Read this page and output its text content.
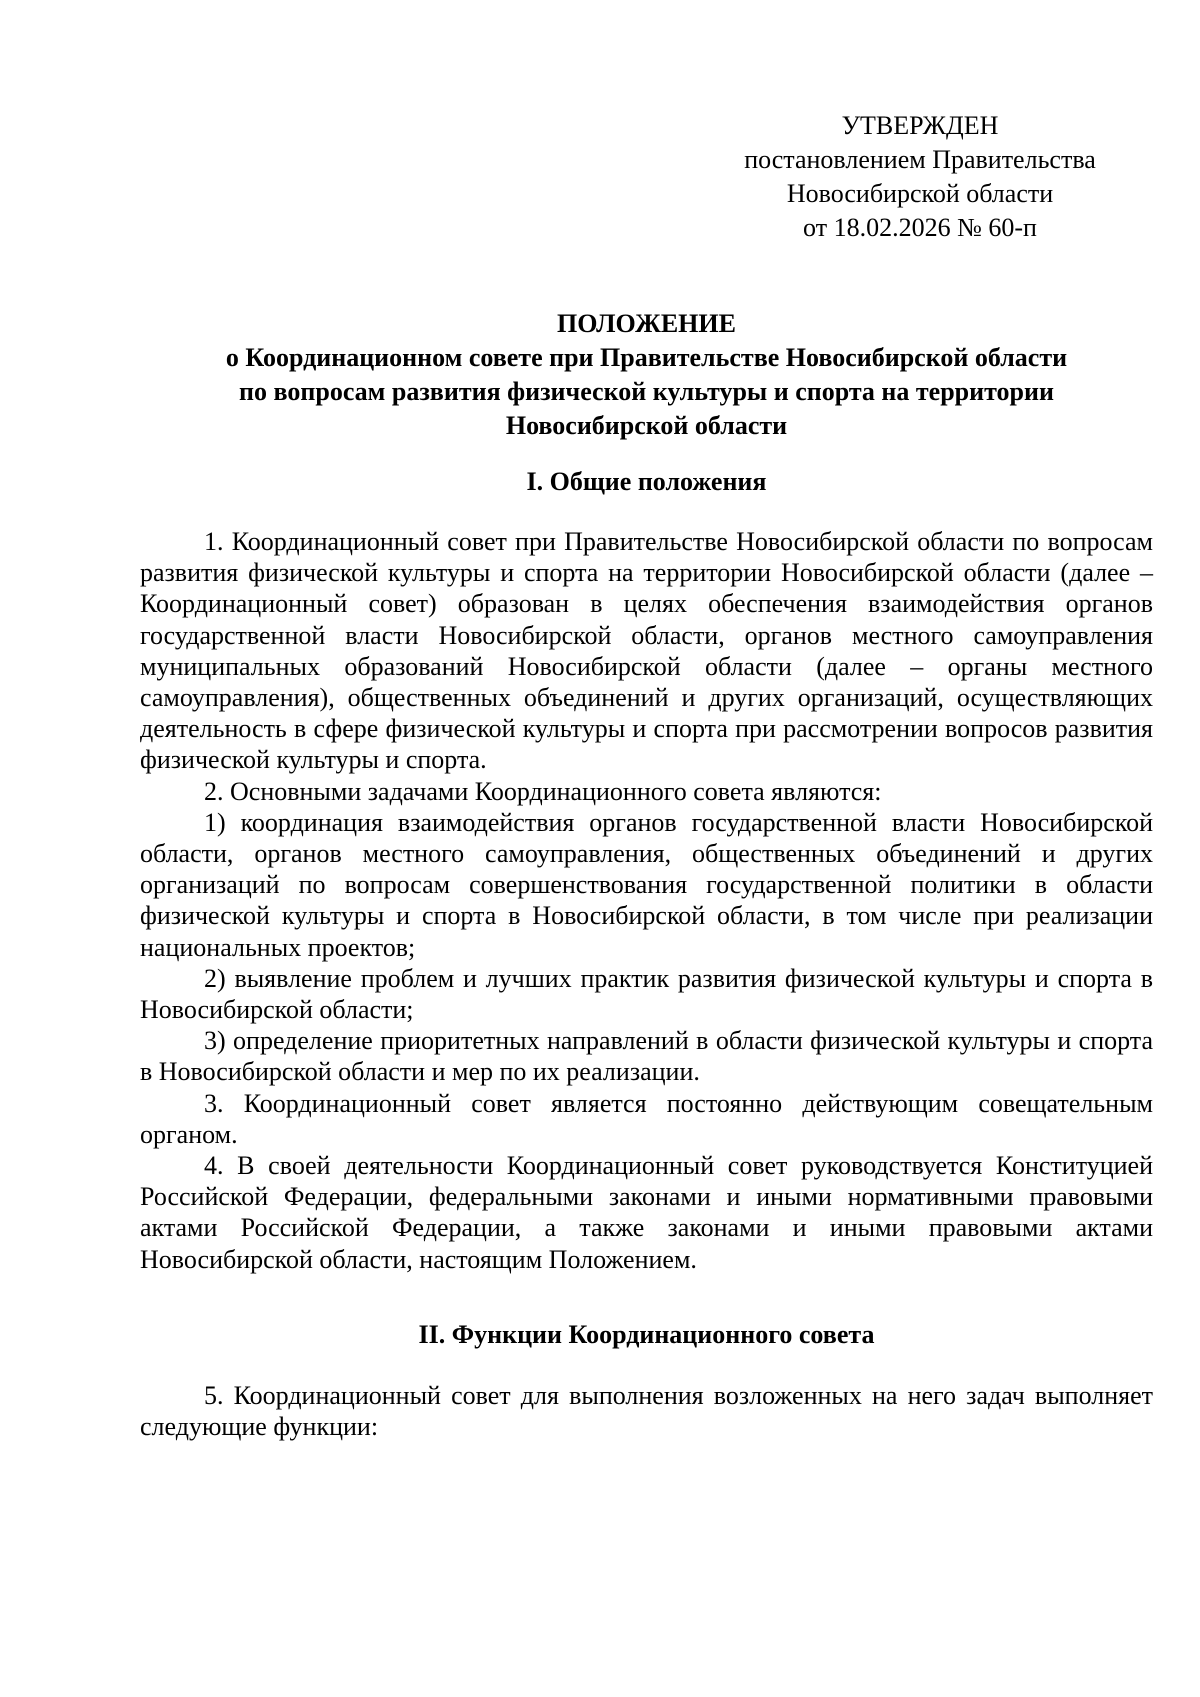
УТВЕРЖДЕН
постановлением Правительства
Новосибирской области
от 18.02.2026 № 60-п
ПОЛОЖЕНИЕ
о Координационном совете при Правительстве Новосибирской области
по вопросам развития физической культуры и спорта на территории
Новосибирской области
I. Общие положения

1. Координационный совет при Правительстве Новосибирской области по вопросам развития физической культуры и спорта на территории Новосибирской области (далее – Координационный совет) образован в целях обеспечения взаимодействия органов государственной власти Новосибирской области, органов местного самоуправления муниципальных образований Новосибирской области (далее – органы местного самоуправления), общественных объединений и других организаций, осуществляющих деятельность в сфере физической культуры и спорта при рассмотрении вопросов развития физической культуры и спорта.

2. Основными задачами Координационного совета являются:

1) координация взаимодействия органов государственной власти Новосибирской области, органов местного самоуправления, общественных объединений и других организаций по вопросам совершенствования государственной политики в области физической культуры и спорта в Новосибирской области, в том числе при реализации национальных проектов;

2) выявление проблем и лучших практик развития физической культуры и спорта в Новосибирской области;

3) определение приоритетных направлений в области физической культуры и спорта в Новосибирской области и мер по их реализации.

3. Координационный совет является постоянно действующим совещательным органом.

4. В своей деятельности Координационный совет руководствуется Конституцией Российской Федерации, федеральными законами и иными нормативными правовыми актами Российской Федерации, а также законами и иными правовыми актами Новосибирской области, настоящим Положением.

II. Функции Координационного совета

5. Координационный совет для выполнения возложенных на него задач выполняет следующие функции:
